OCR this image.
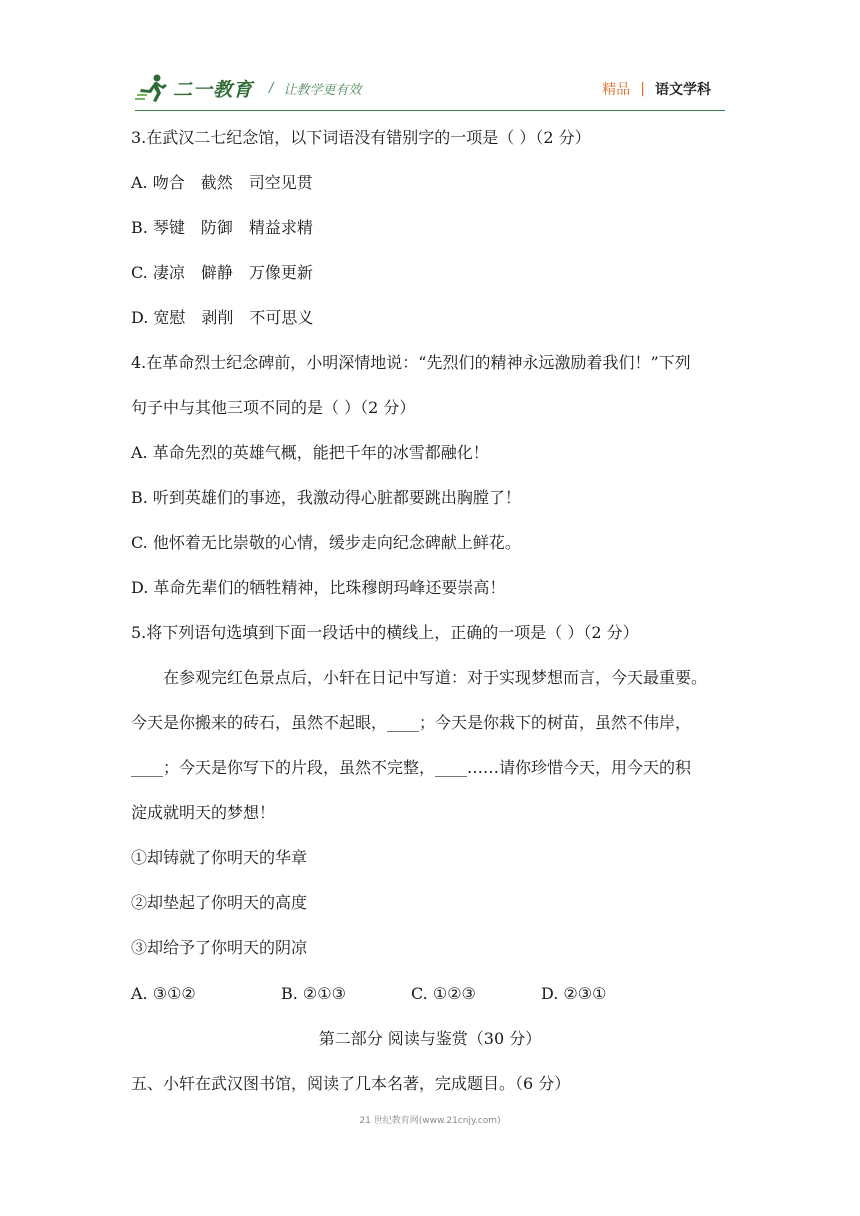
二一教育 / 让教学更有效	精品 | 语文学科
3.在武汉二七纪念馆，以下词语没有错别字的一项是（ ）（2 分）
A. 吻合　截然　司空见贯
B. 琴键　防御　精益求精
C. 凄凉　僻静　万像更新
D. 宽慰　剥削　不可思义
4.在革命烈士纪念碑前，小明深情地说：“先烈们的精神永远激励着我们！”下列
句子中与其他三项不同的是（ ）（2 分）
A. 革命先烈的英雄气概，能把千年的冰雪都融化！
B. 听到英雄们的事迹，我激动得心脏都要跳出胸膛了！
C. 他怀着无比崇敬的心情，缓步走向纪念碑献上鲜花。
D. 革命先辈们的牺牲精神，比珠穆朗玛峰还要崇高！
5.将下列语句选填到下面一段话中的横线上，正确的一项是（ ）（2 分）
在参观完红色景点后，小轩在日记中写道：对于实现梦想而言，今天最重要。
今天是你搬来的砖石，虽然不起眼，____；今天是你栽下的树苗，虽然不伟岸，
____；今天是你写下的片段，虽然不完整，____……请你珍惜今天，用今天的积
淀成就明天的梦想！
①却铸就了你明天的华章
②却垫起了你明天的高度
③却给予了你明天的阴凉
A. ③①②	B. ②①③	C. ①②③	D. ②③①
第二部分 阅读与鉴赏（30 分）
五、小轩在武汉图书馆，阅读了几本名著，完成题目。（6 分）
21 世纪教育网(www.21cnjy.com)
